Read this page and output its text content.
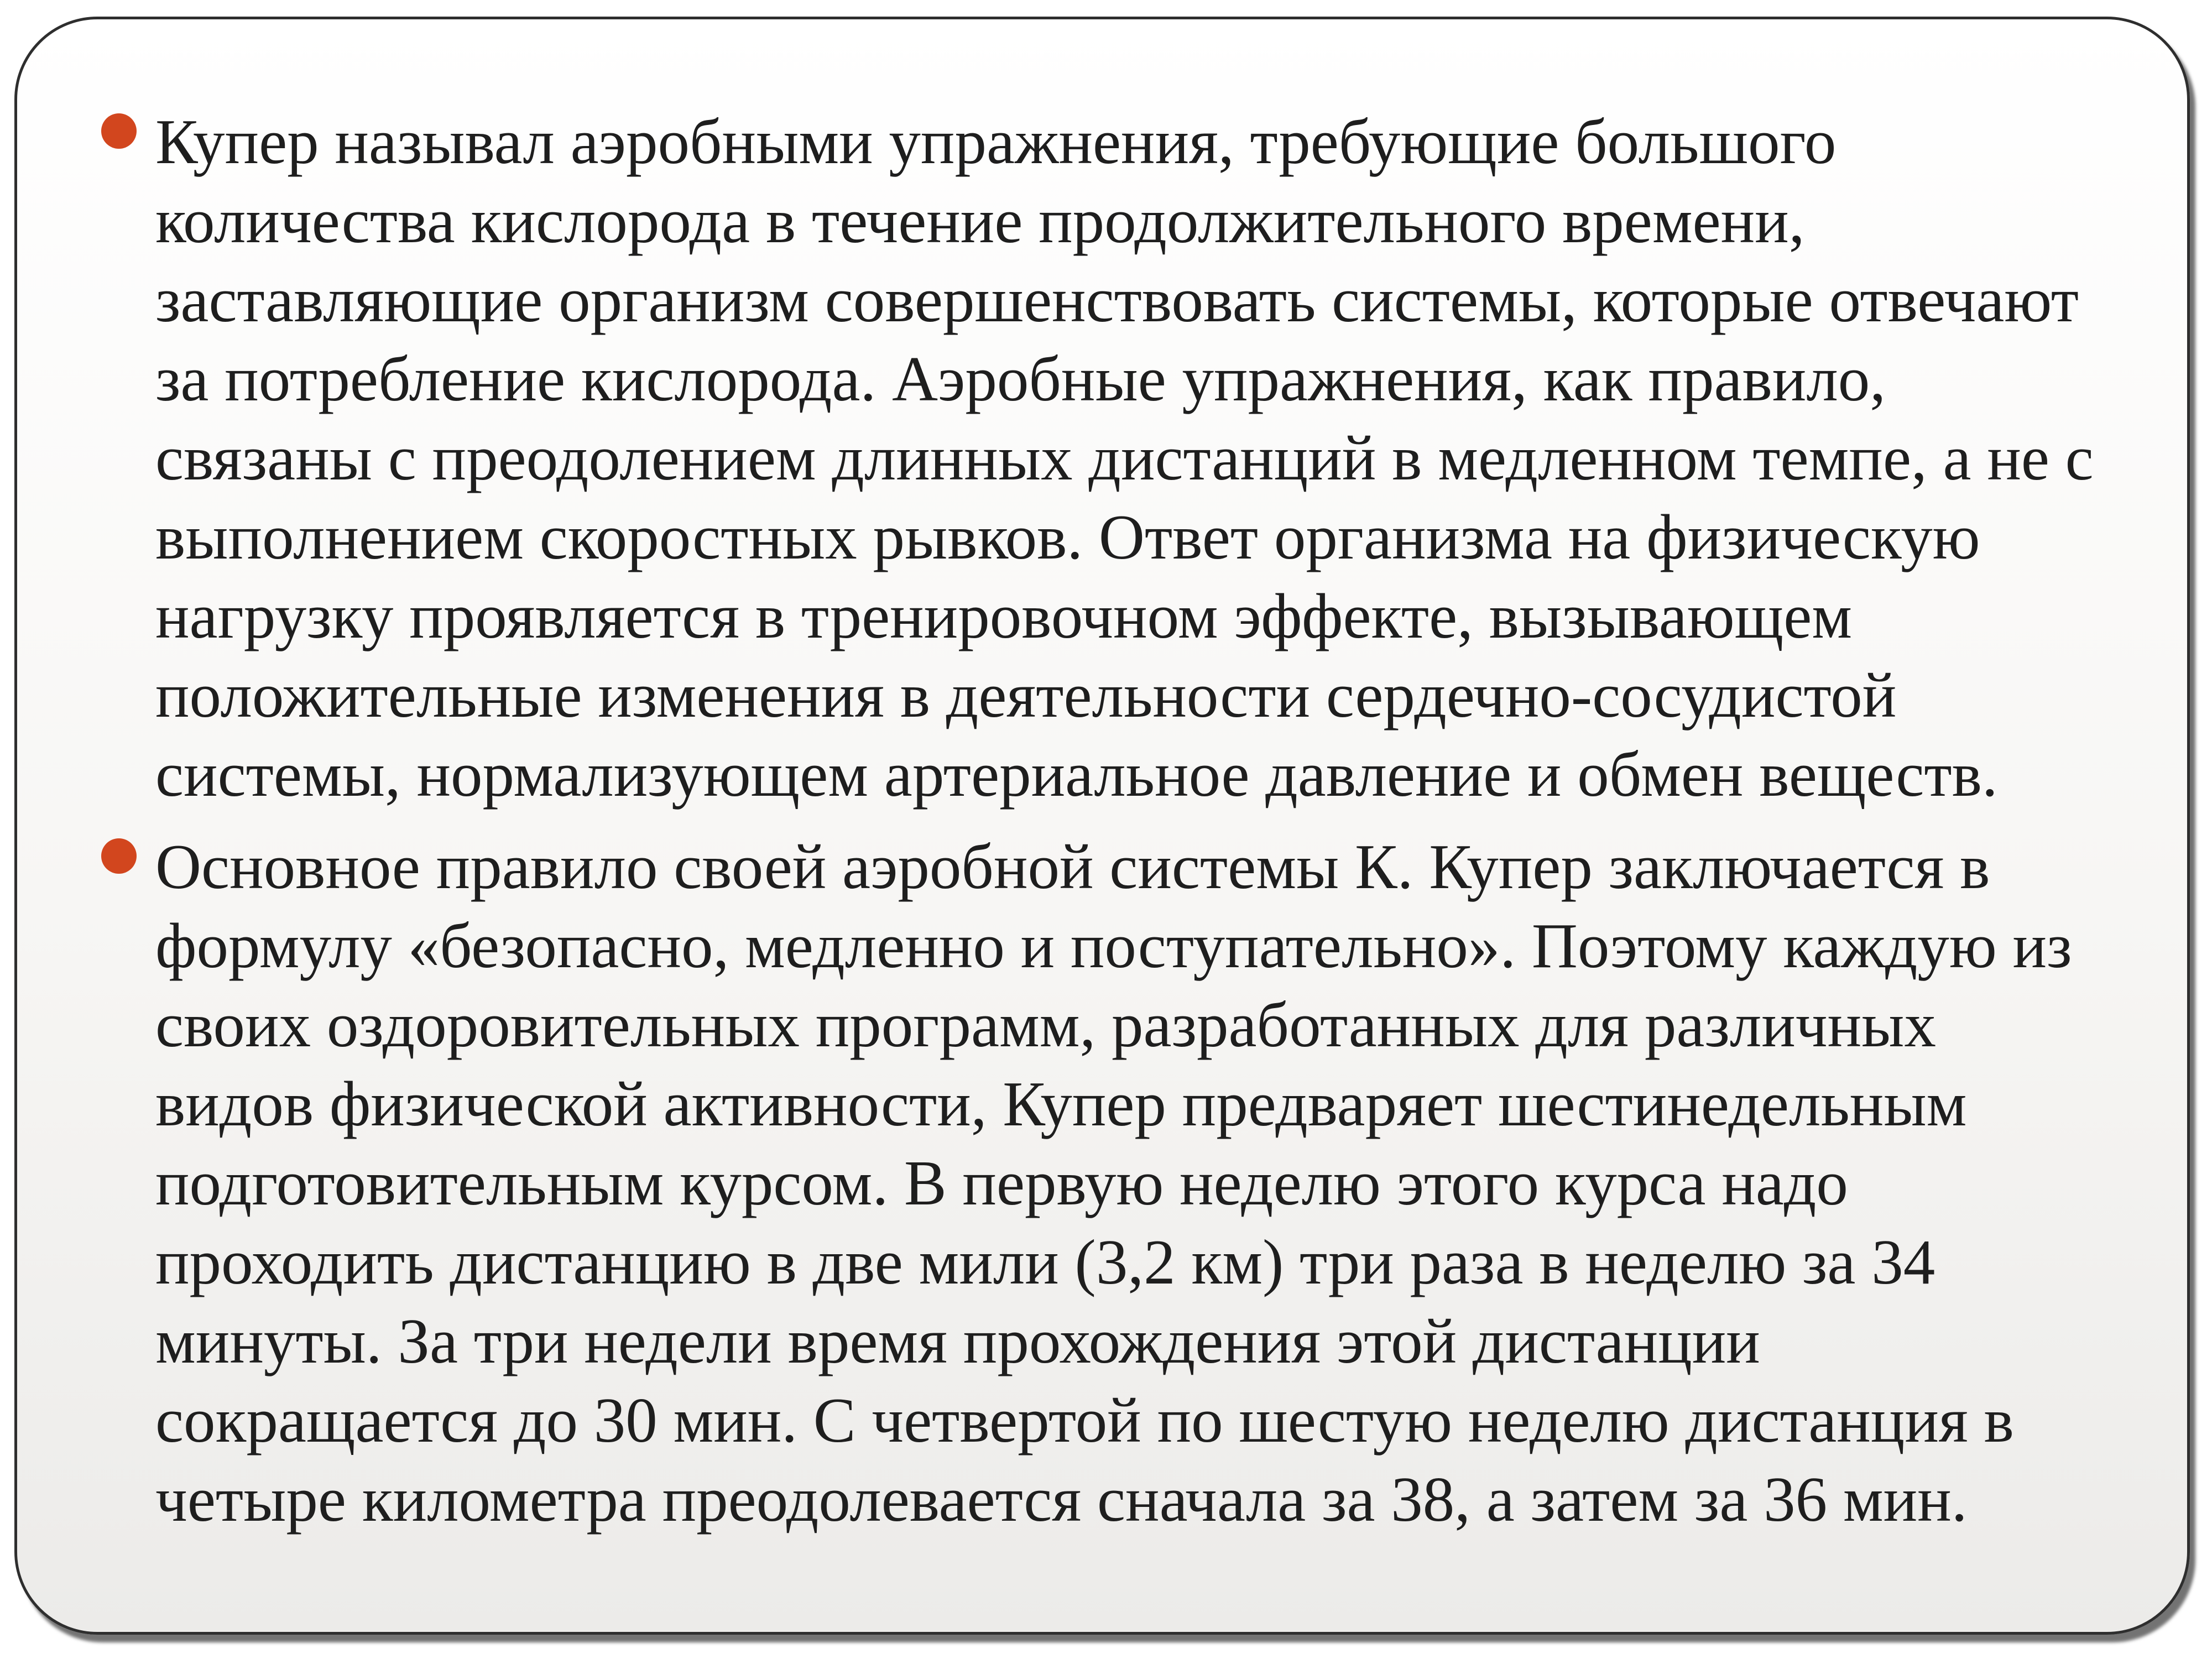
Купер называл аэробными упражнения, требующие большого
количества кислорода в течение продолжительного времени,
заставляющие организм совершенствовать системы, которые отвечают
за потребление кислорода. Аэробные упражнения, как правило,
связаны с преодолением длинных дистанций в медленном темпе, а не с
выполнением скоростных рывков. Ответ организма на физическую
нагрузку проявляется в тренировочном эффекте, вызывающем
положительные изменения в деятельности сердечно-сосудистой
системы, нормализующем артериальное давление и обмен веществ.
Основное правило своей аэробной системы К. Купер заключается в
формулу «безопасно, медленно и поступательно». Поэтому каждую из
своих оздоровительных программ, разработанных для различных
видов физической активности, Купер предваряет шестинедельным
подготовительным курсом. В первую неделю этого курса надо
проходить дистанцию в две мили (3,2 км) три раза в неделю за 34
минуты. За три недели время прохождения этой дистанции
сокращается до 30 мин. С четвертой по шестую неделю дистанция в
четыре километра преодолевается сначала за 38, а затем за 36 мин.
